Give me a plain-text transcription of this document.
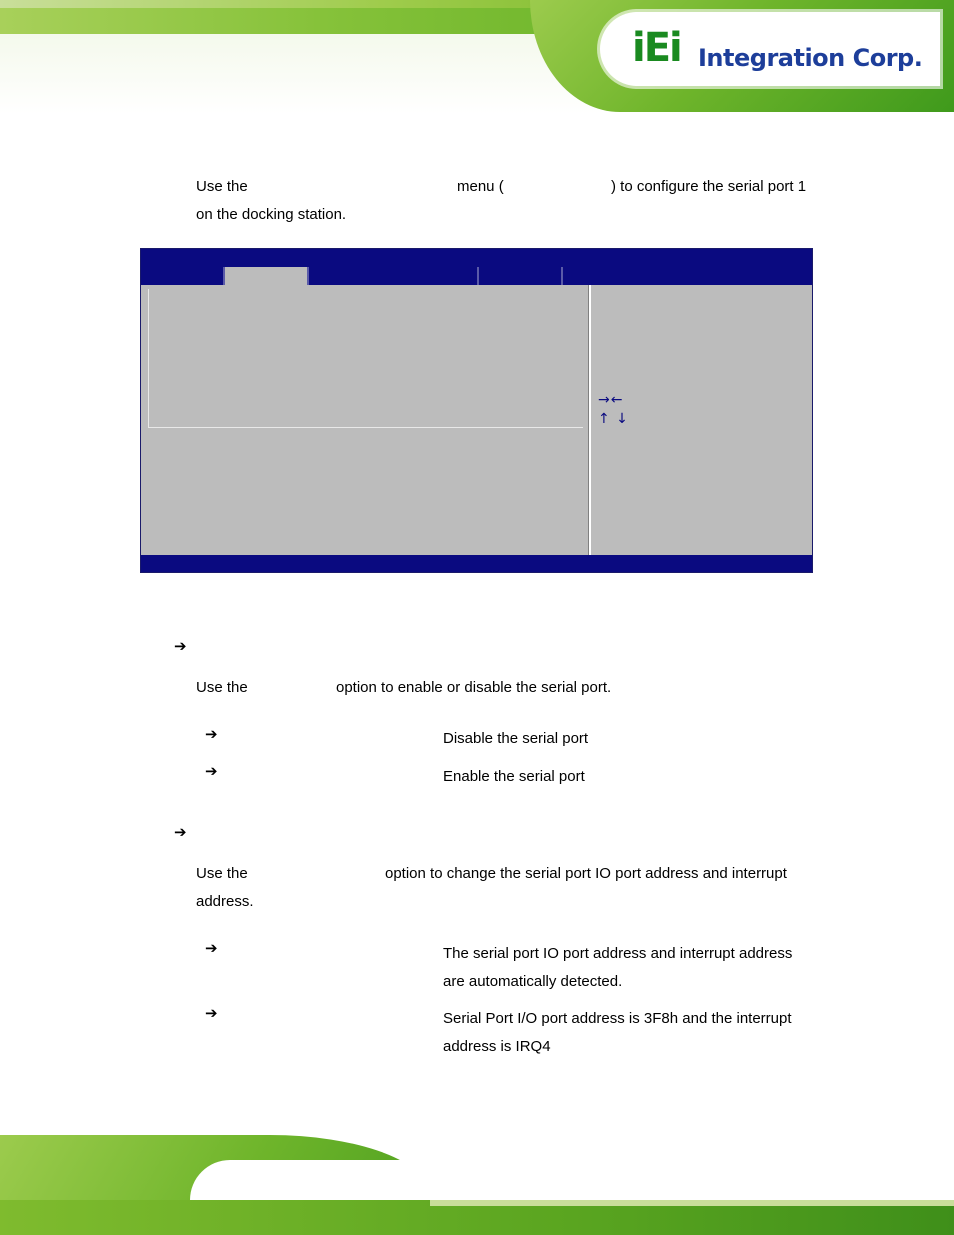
iEi Integration Corp.
Use the	menu (	) to configure the serial port 1
on the docking station.
→←
↑ ↓
➔
Use the	option to enable or disable the serial port.
➔	Disable the serial port
➔	Enable the serial port
➔
Use the	option to change the serial port IO port address and interrupt
address.
➔	The serial port IO port address and interrupt address
are automatically detected.
➔	Serial Port I/O port address is 3F8h and the interrupt
address is IRQ4
